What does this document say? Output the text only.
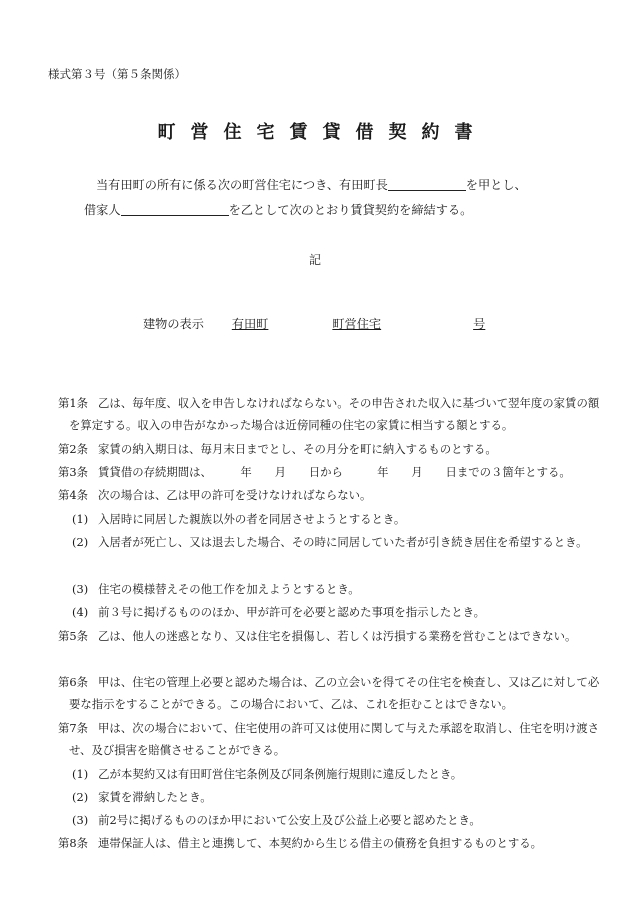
様式第３号（第５条関係）
町営住宅賃貸借契約書
当有田町の所有に係る次の町営住宅につき、有田町長	を甲とし、
借家人	を乙として次のとおり賃貸契約を締結する。
記
建物の表示 有田町	町営住宅	号
第1条 乙は、毎年度、収入を申告しなければならない。その申告された収入に基づいて翌年度の家賃の額を算定する。収入の申告がなかった場合は近傍同種の住宅の家賃に相当する額とする。
第2条 家賃の納入期日は、毎月末日までとし、その月分を町に納入するものとする。
第3条 賃貸借の存続期間は、　　　年　　月　　日から　　　年　　月　　日までの３箇年とする。
第4条 次の場合は、乙は甲の許可を受けなければならない。
(1) 入居時に同居した親族以外の者を同居させようとするとき。
(2) 入居者が死亡し、又は退去した場合、その時に同居していた者が引き続き居住を希望するとき。
(3) 住宅の模様替えその他工作を加えようとするとき。
(4) 前３号に掲げるもののほか、甲が許可を必要と認めた事項を指示したとき。
第5条 乙は、他人の迷惑となり、又は住宅を損傷し、若しくは汚損する業務を営むことはできない。
第6条 甲は、住宅の管理上必要と認めた場合は、乙の立会いを得てその住宅を検査し、又は乙に対して必要な指示をすることができる。この場合において、乙は、これを拒むことはできない。
第7条 甲は、次の場合において、住宅使用の許可又は使用に関して与えた承認を取消し、住宅を明け渡させ、及び損害を賠償させることができる。
(1) 乙が本契約又は有田町営住宅条例及び同条例施行規則に違反したとき。
(2) 家賃を滞納したとき。
(3) 前2号に掲げるもののほか甲において公安上及び公益上必要と認めたとき。
第8条 連帯保証人は、借主と連携して、本契約から生じる借主の債務を負担するものとする。
